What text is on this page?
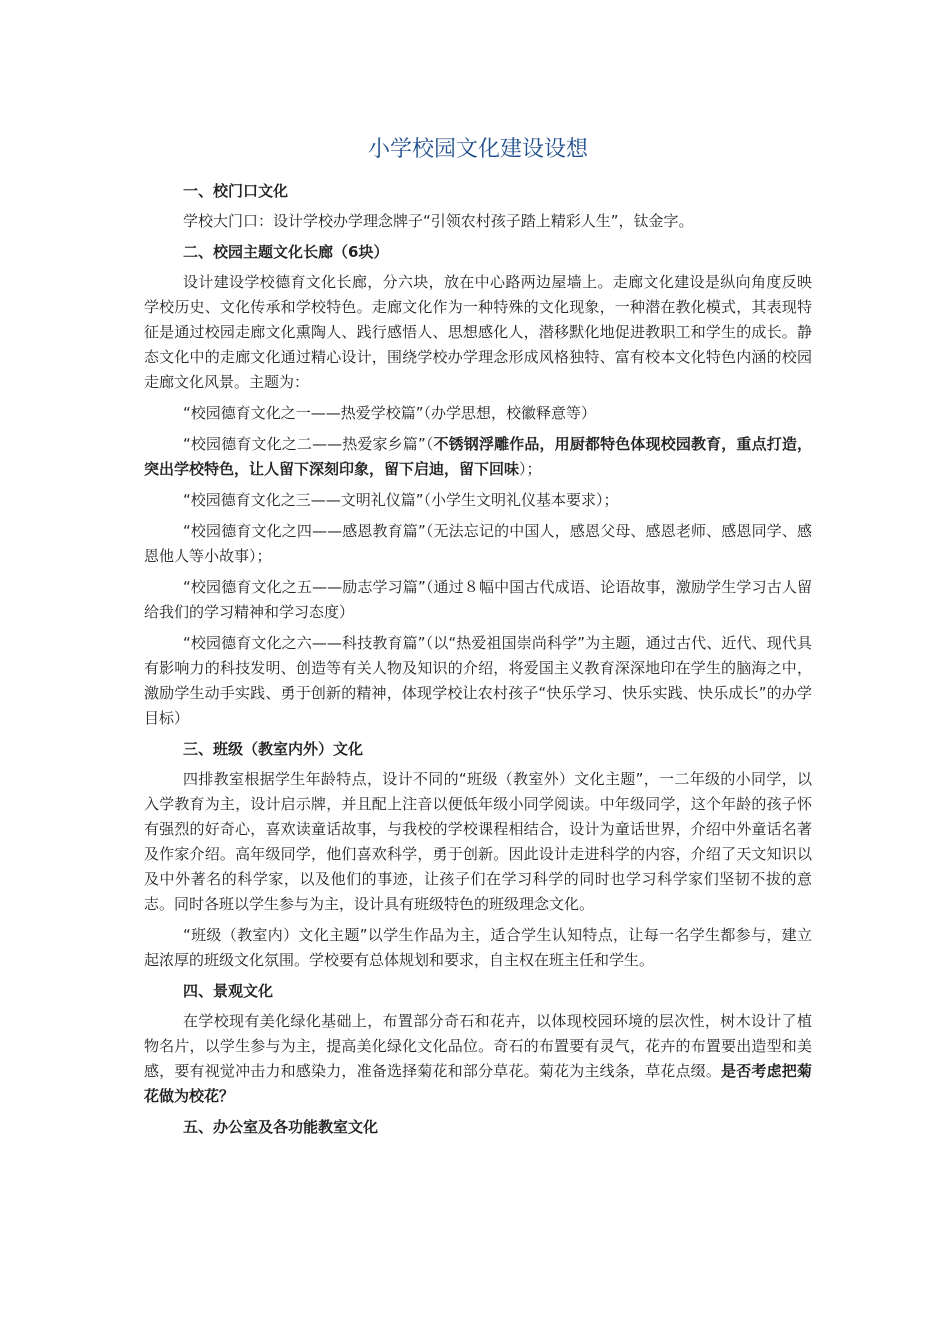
小学校园文化建设设想

一、校门口文化

学校大门口：设计学校办学理念牌子“引领农村孩子踏上精彩人生”，钛金字。

二、校园主题文化长廊（6块）

设计建设学校德育文化长廊，分六块，放在中心路两边屋墙上。走廊文化建设是纵向角度反映学校历史、文化传承和学校特色。走廊文化作为一种特殊的文化现象，一种潜在教化模式，其表现特征是通过校园走廊文化熏陶人、践行感悟人、思想感化人，潜移默化地促进教职工和学生的成长。静态文化中的走廊文化通过精心设计，围绕学校办学理念形成风格独特、富有校本文化特色内涵的校园走廊文化风景。主题为：

“校园德育文化之一——热爱学校篇”（办学思想，校徽释意等）

“校园德育文化之二——热爱家乡篇”（不锈钢浮雕作品，用厨都特色体现校园教育，重点打造，突出学校特色，让人留下深刻印象，留下启迪，留下回味）；

“校园德育文化之三——文明礼仪篇”（小学生文明礼仪基本要求）；

“校园德育文化之四——感恩教育篇”（无法忘记的中国人，感恩父母、感恩老师、感恩同学、感恩他人等小故事）；

“校园德育文化之五——励志学习篇”（通过８幅中国古代成语、论语故事，激励学生学习古人留给我们的学习精神和学习态度）

“校园德育文化之六——科技教育篇”（以“热爱祖国崇尚科学”为主题，通过古代、近代、现代具有影响力的科技发明、创造等有关人物及知识的介绍，将爱国主义教育深深地印在学生的脑海之中，激励学生动手实践、勇于创新的精神，体现学校让农村孩子“快乐学习、快乐实践、快乐成长”的办学目标）

三、班级（教室内外）文化

四排教室根据学生年龄特点，设计不同的“班级（教室外）文化主题”，一二年级的小同学，以入学教育为主，设计启示牌，并且配上注音以便低年级小同学阅读。中年级同学，这个年龄的孩子怀有强烈的好奇心，喜欢读童话故事，与我校的学校课程相结合，设计为童话世界，介绍中外童话名著及作家介绍。高年级同学，他们喜欢科学，勇于创新。因此设计走进科学的内容，介绍了天文知识以及中外著名的科学家，以及他们的事迹，让孩子们在学习科学的同时也学习科学家们坚韧不拔的意志。同时各班以学生参与为主，设计具有班级特色的班级理念文化。

“班级（教室内）文化主题”以学生作品为主，适合学生认知特点，让每一名学生都参与，建立起浓厚的班级文化氛围。学校要有总体规划和要求，自主权在班主任和学生。

四、景观文化

在学校现有美化绿化基础上，布置部分奇石和花卉，以体现校园环境的层次性，树木设计了植物名片，以学生参与为主，提高美化绿化文化品位。奇石的布置要有灵气，花卉的布置要出造型和美感，要有视觉冲击力和感染力，准备选择菊花和部分草花。菊花为主线条，草花点缀。是否考虑把菊花做为校花？

五、办公室及各功能教室文化
